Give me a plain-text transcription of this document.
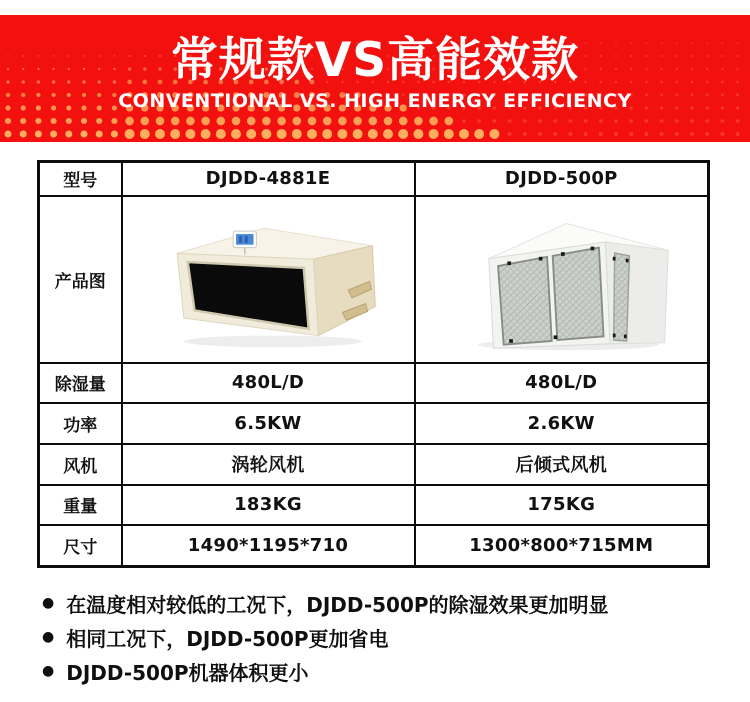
常规款VS高能效款
CONVENTIONAL VS. HIGH ENERGY EFFICIENCY
型号	DJDD-4881E	DJDD-500P
产品图	

除湿量	480L/D	480L/D
功率	6.5KW	2.6KW
风机	涡轮风机	后倾式风机
重量	183KG	175KG
尺寸	1490*1195*710	1300*800*715MM
● 在温度相对较低的工况下，DJDD-500P的除湿效果更加明显
● 相同工况下，DJDD-500P更加省电
● DJDD-500P机器体积更小
